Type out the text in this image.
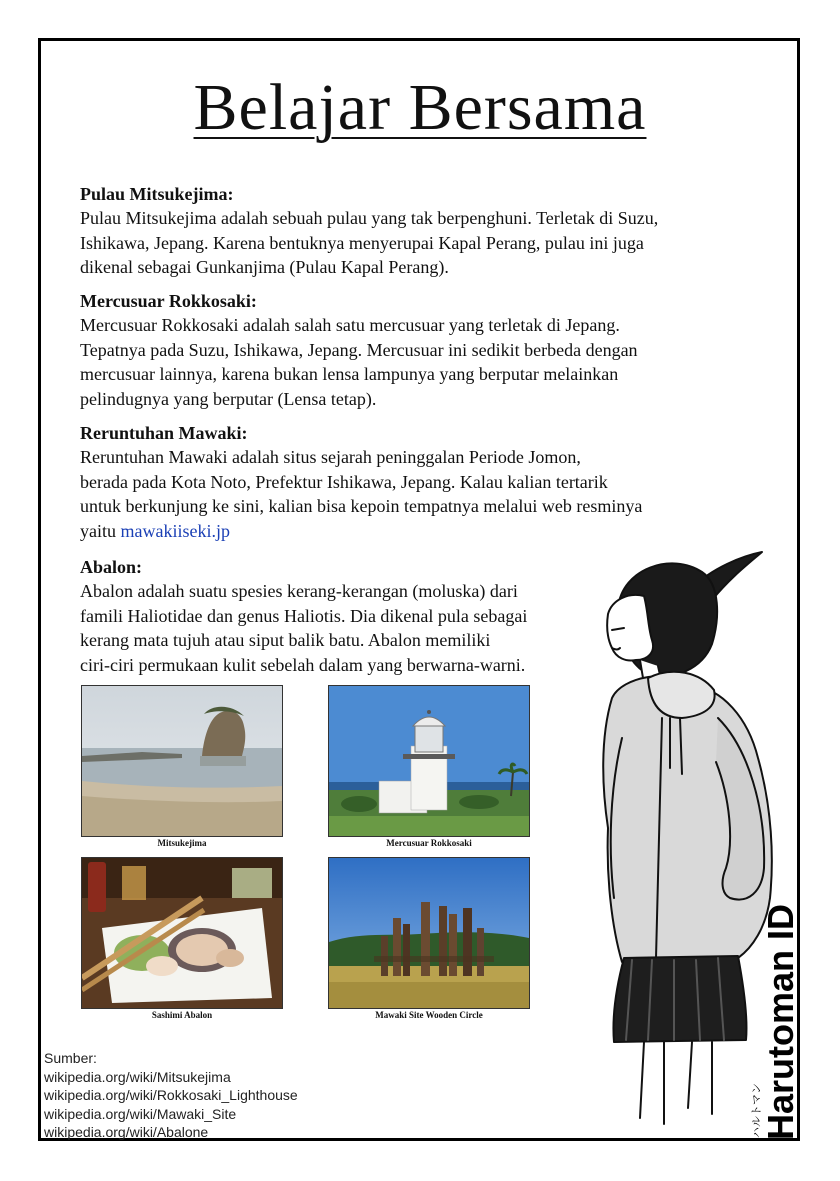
Belajar Bersama
Pulau Mitsukejima:

Pulau Mitsukejima adalah sebuah pulau yang tak berpenghuni. Terletak di Suzu,

Ishikawa, Jepang. Karena bentuknya menyerupai Kapal Perang, pulau ini juga

dikenal sebagai Gunkanjima (Pulau Kapal Perang).

Mercusuar Rokkosaki:

Mercusuar Rokkosaki adalah salah satu mercusuar yang terletak di Jepang.

Tepatnya pada Suzu, Ishikawa, Jepang. Mercusuar ini sedikit berbeda dengan

mercusuar lainnya, karena bukan lensa lampunya yang berputar melainkan

pelindugnya yang berputar (Lensa tetap).

Reruntuhan Mawaki:

Reruntuhan Mawaki adalah situs sejarah peninggalan Periode Jomon,

berada pada Kota Noto, Prefektur Ishikawa, Jepang. Kalau kalian tertarik

untuk berkunjung ke sini, kalian bisa kepoin tempatnya melalui web resminya

yaitu mawakiiseki.jp

Abalon:

Abalon adalah suatu spesies kerang-kerangan (moluska) dari

famili Haliotidae dan genus Haliotis. Dia dikenal pula sebagai

kerang mata tujuh atau siput balik batu. Abalon memiliki

ciri-ciri permukaan kulit sebelah dalam yang berwarna-warni.

Mitsukejima	Mercusuar Rokkosaki
Sashimi Abalon	Mawaki Site Wooden Circle
Sumber:
wikipedia.org/wiki/Mitsukejima
wikipedia.org/wiki/Rokkosaki_Lighthouse
wikipedia.org/wiki/Mawaki_Site
wikipedia.org/wiki/Abalone	Harutoman ID
ハルトマン
